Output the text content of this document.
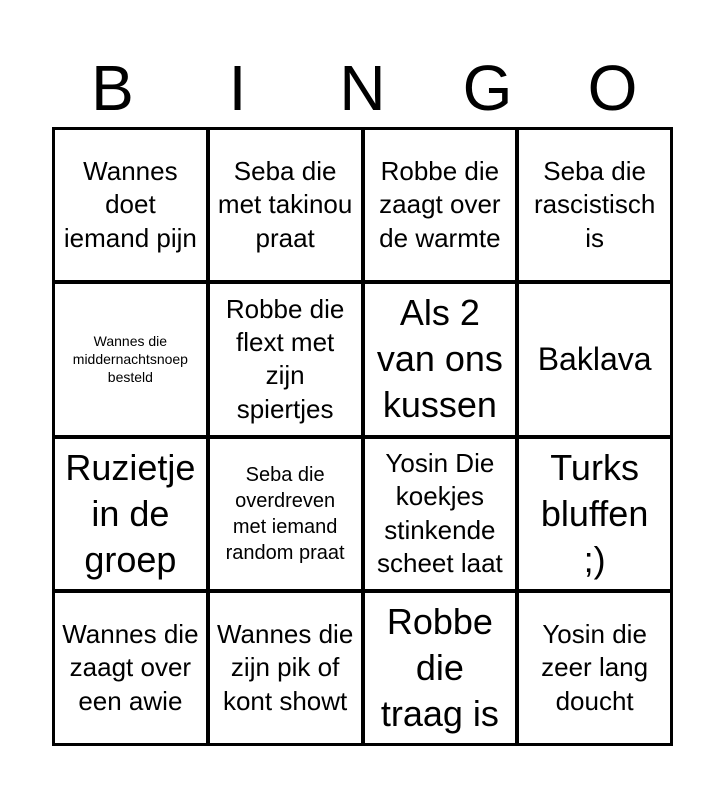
B	I	N	G	O
Wannes doet iemand pijn
Seba die met takinou praat
Robbe die zaagt over de warmte
Seba die rascistisch is
Wannes die middernachtsnoep besteld
Robbe die flext met zijn spiertjes
Als 2 van ons kussen
Baklava
Ruzietje in de groep
Seba die overdreven met iemand random praat
Yosin Die koekjes stinkende scheet laat
Turks bluffen ;)
Wannes die zaagt over een awie
Wannes die zijn pik of kont showt
Robbe die traag is
Yosin die zeer lang doucht
